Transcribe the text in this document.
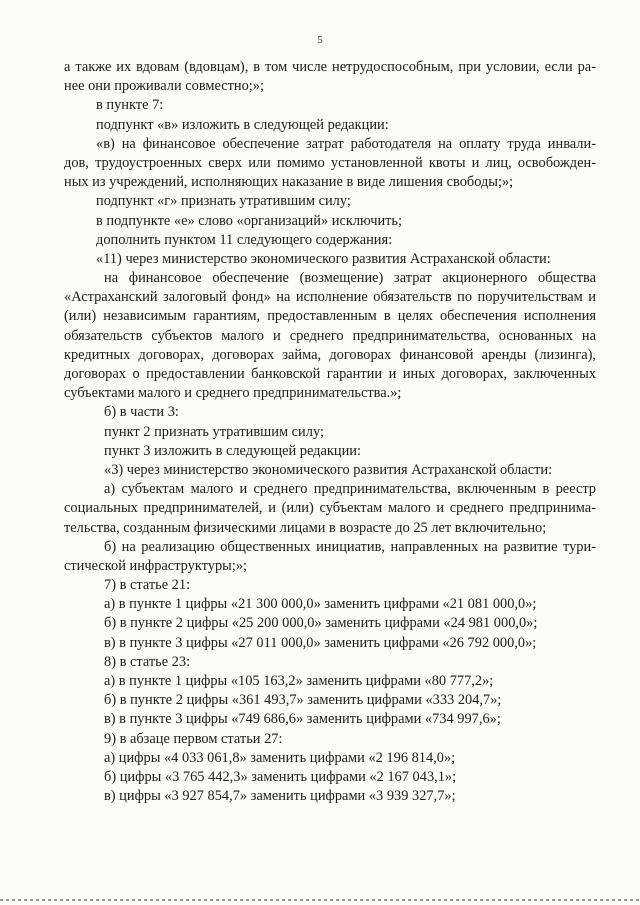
5
а также их вдовам (вдовцам), в том числе нетрудоспособным, при условии, если ра-
нее они проживали совместно;»;
в пункте 7:
подпункт «в» изложить в следующей редакции:
«в) на финансовое обеспечение затрат работодателя на оплату труда инвали-
дов, трудоустроенных сверх или помимо установленной квоты и лиц, освобожден-
ных из учреждений, исполняющих наказание в виде лишения свободы;»;
подпункт «г» признать утратившим силу;
в подпункте «е» слово «организаций» исключить;
дополнить пунктом 11 следующего содержания:
«11) через министерство экономического развития Астраханской области:
на финансовое обеспечение (возмещение) затрат акционерного общества
«Астраханский залоговый фонд» на исполнение обязательств по поручительствам и
(или) независимым гарантиям, предоставленным в целях обеспечения исполнения
обязательств субъектов малого и среднего предпринимательства, основанных на
кредитных договорах, договорах займа, договорах финансовой аренды (лизинга),
договорах о предоставлении банковской гарантии и иных договорах, заключенных
субъектами малого и среднего предпринимательства.»;
б) в части 3:
пункт 2 признать утратившим силу;
пункт 3 изложить в следующей редакции:
«3) через министерство экономического развития Астраханской области:
а) субъектам малого и среднего предпринимательства, включенным в реестр
социальных предпринимателей, и (или) субъектам малого и среднего предпринима-
тельства, созданным физическими лицами в возрасте до 25 лет включительно;
б) на реализацию общественных инициатив, направленных на развитие тури-
стической инфраструктуры;»;
7) в статье 21:
а) в пункте 1 цифры «21 300 000,0» заменить цифрами «21 081 000,0»;
б) в пункте 2 цифры «25 200 000,0» заменить цифрами «24 981 000,0»;
в) в пункте 3 цифры «27 011 000,0» заменить цифрами «26 792 000,0»;
8) в статье 23:
а) в пункте 1 цифры «105 163,2» заменить цифрами «80 777,2»;
б) в пункте 2 цифры «361 493,7» заменить цифрами «333 204,7»;
в) в пункте 3 цифры «749 686,6» заменить цифрами «734 997,6»;
9) в абзаце первом статьи 27:
а) цифры «4 033 061,8» заменить цифрами «2 196 814,0»;
б) цифры «3 765 442,3» заменить цифрами «2 167 043,1»;
в) цифры «3 927 854,7» заменить цифрами «3 939 327,7»;
